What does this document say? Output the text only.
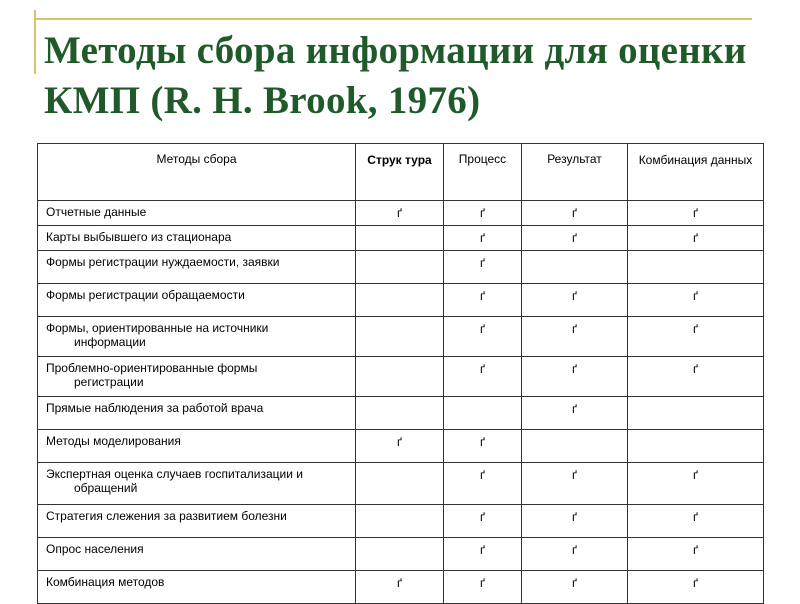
Методы сбора информации для оценки КМП (R. H. Brook, 1976)
Методы сбора	Струк тура	Процесс	Результат	Комбинация данных

Отчетные данные	ґ	ґ	ґ	ґ

Карты выбывшего из стационара		ґ	ґ	ґ

Формы регистрации нуждаемости, заявки		ґ		

Формы регистрации обращаемости		ґ	ґ	ґ

Формы, ориентированные на источники
информации		ґ	ґ	ґ

Проблемно-ориентированные формы
регистрации		ґ	ґ	ґ

Прямые наблюдения за работой врача			ґ	

Методы моделирования	ґ	ґ		

Экспертная оценка случаев госпитализации и
обращений		ґ	ґ	ґ

Стратегия слежения за развитием болезни		ґ	ґ	ґ

Опрос населения		ґ	ґ	ґ

Комбинация методов	ґ	ґ	ґ	ґ
